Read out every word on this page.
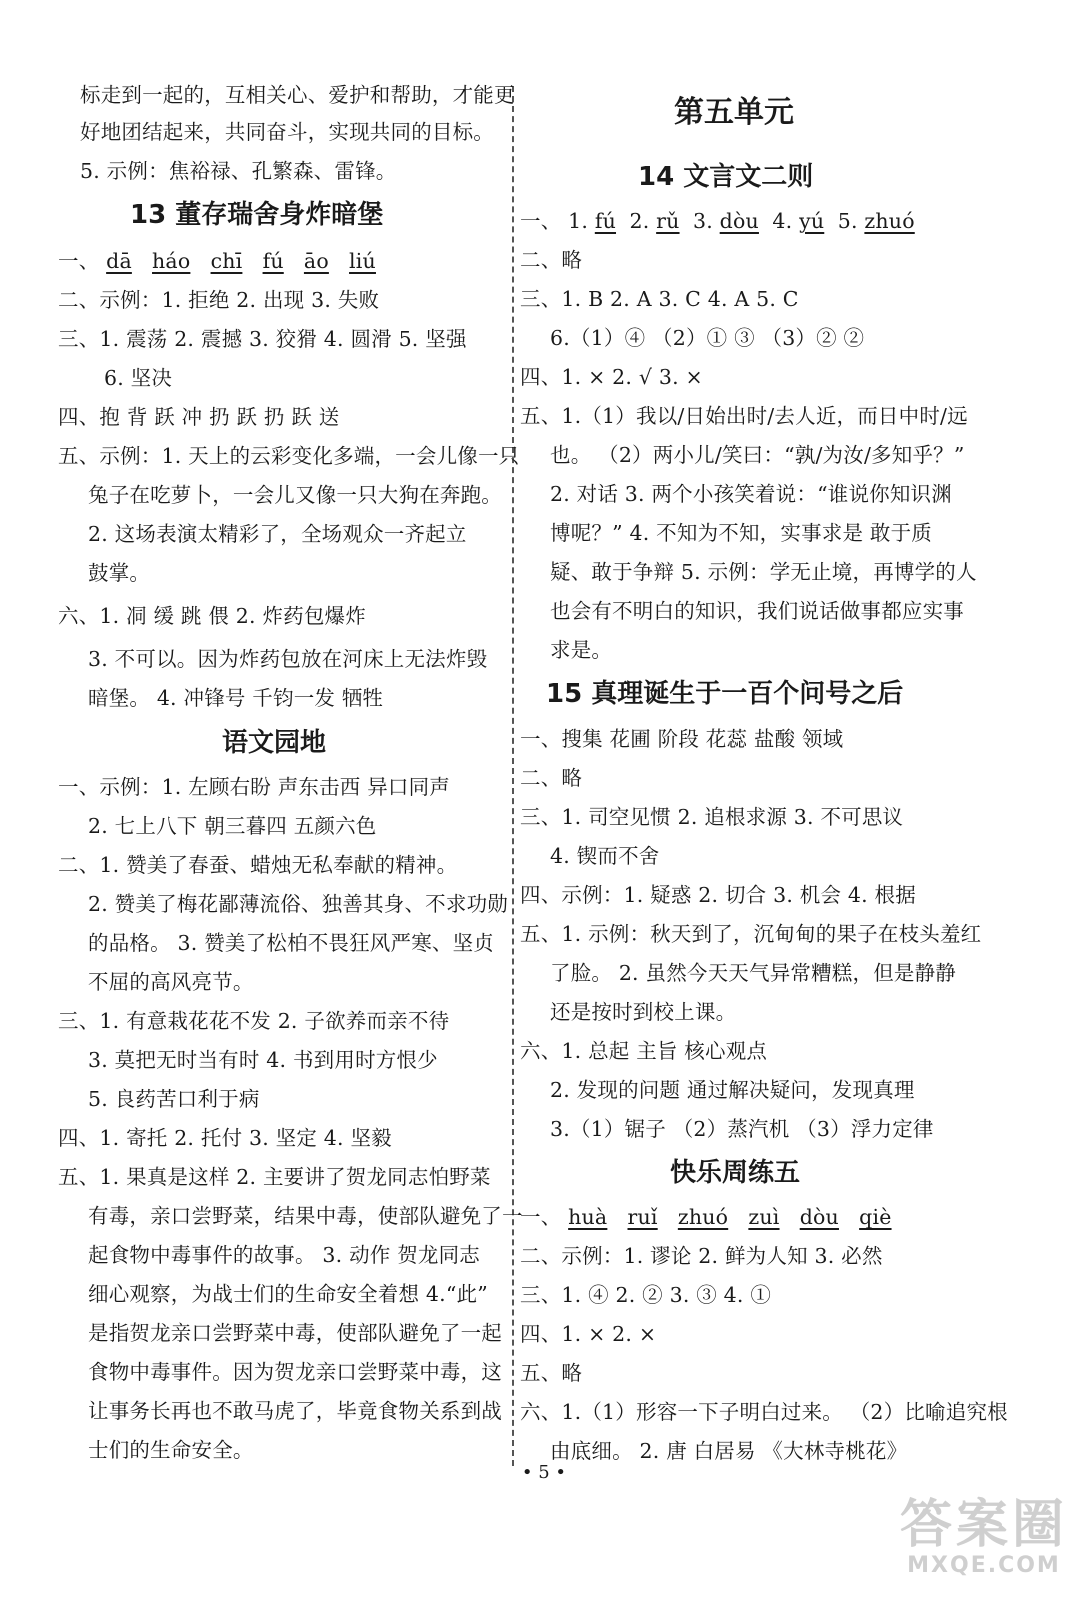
标走到一起的，互相关心、爱护和帮助，才能更
好地团结起来，共同奋斗，实现共同的目标。
5. 示例：焦裕禄、孔繁森、雷锋。
13 董存瑞舍身炸暗堡
一、 dā háo chī fú āo liú
二、示例：1. 拒绝 2. 出现 3. 失败
三、1. 震荡 2. 震撼 3. 狡猾 4. 圆滑 5. 坚强
6. 坚决
四、抱 背 跃 冲 扔 跃 扔 跃 送
五、示例：1. 天上的云彩变化多端，一会儿像一只
兔子在吃萝卜，一会儿又像一只大狗在奔跑。
2. 这场表演太精彩了，全场观众一齐起立
鼓掌。
六、1. 㓊 缓 跳 偎 2. 炸药包爆炸
3. 不可以。因为炸药包放在河床上无法炸毁
暗堡。 4. 冲锋号 千钧一发 牺牲
语文园地
一、示例：1. 左顾右盼 声东击西 异口同声
2. 七上八下 朝三暮四 五颜六色
二、1. 赞美了春蚕、蜡烛无私奉献的精神。
2. 赞美了梅花鄙薄流俗、独善其身、不求功勋
的品格。 3. 赞美了松柏不畏狂风严寒、坚贞
不屈的高风亮节。
三、1. 有意栽花花不发 2. 子欲养而亲不待
3. 莫把无时当有时 4. 书到用时方恨少
5. 良药苦口利于病
四、1. 寄托 2. 托付 3. 坚定 4. 坚毅
五、1. 果真是这样 2. 主要讲了贺龙同志怕野菜
有毒，亲口尝野菜，结果中毒，使部队避免了一
起食物中毒事件的故事。 3. 动作 贺龙同志
细心观察，为战士们的生命安全着想 4.“此”
是指贺龙亲口尝野菜中毒，使部队避免了一起
食物中毒事件。因为贺龙亲口尝野菜中毒，这
让事务长再也不敢马虎了，毕竟食物关系到战
士们的生命安全。
第五单元
14 文言文二则
一、 1. fú 2. rǔ 3. dòu 4. yú 5. zhuó
二、略
三、1. B 2. A 3. C 4. A 5. C
6.（1）④ （2）① ③ （3）② ②
四、1. × 2. √ 3. ×
五、1.（1）我以/日始出时/去人近，而日中时/远
也。 （2）两小儿/笑曰：“孰/为汝/多知乎？”
2. 对话 3. 两个小孩笑着说：“谁说你知识渊
博呢？” 4. 不知为不知，实事求是 敢于质
疑、敢于争辩 5. 示例：学无止境，再博学的人
也会有不明白的知识，我们说话做事都应实事
求是。
15 真理诞生于一百个问号之后
一、搜集 花圃 阶段 花蕊 盐酸 领域
二、略
三、1. 司空见惯 2. 追根求源 3. 不可思议
4. 锲而不舍
四、示例：1. 疑惑 2. 切合 3. 机会 4. 根据
五、1. 示例：秋天到了，沉甸甸的果子在枝头羞红
了脸。 2. 虽然今天天气异常糟糕，但是静静
还是按时到校上课。
六、1. 总起 主旨 核心观点
2. 发现的问题 通过解决疑问，发现真理
3.（1）锯子 （2）蒸汽机 （3）浮力定律
快乐周练五
一、 huà ruǐ zhuó zuì dòu qiè
二、示例：1. 谬论 2. 鲜为人知 3. 必然
三、1. ④ 2. ② 3. ③ 4. ①
四、1. × 2. ×
五、略
六、1.（1）形容一下子明白过来。 （2）比喻追究根
由底细。 2. 唐 白居易 《大林寺桃花》
• 5 •
答案圈
MXQE.COM
